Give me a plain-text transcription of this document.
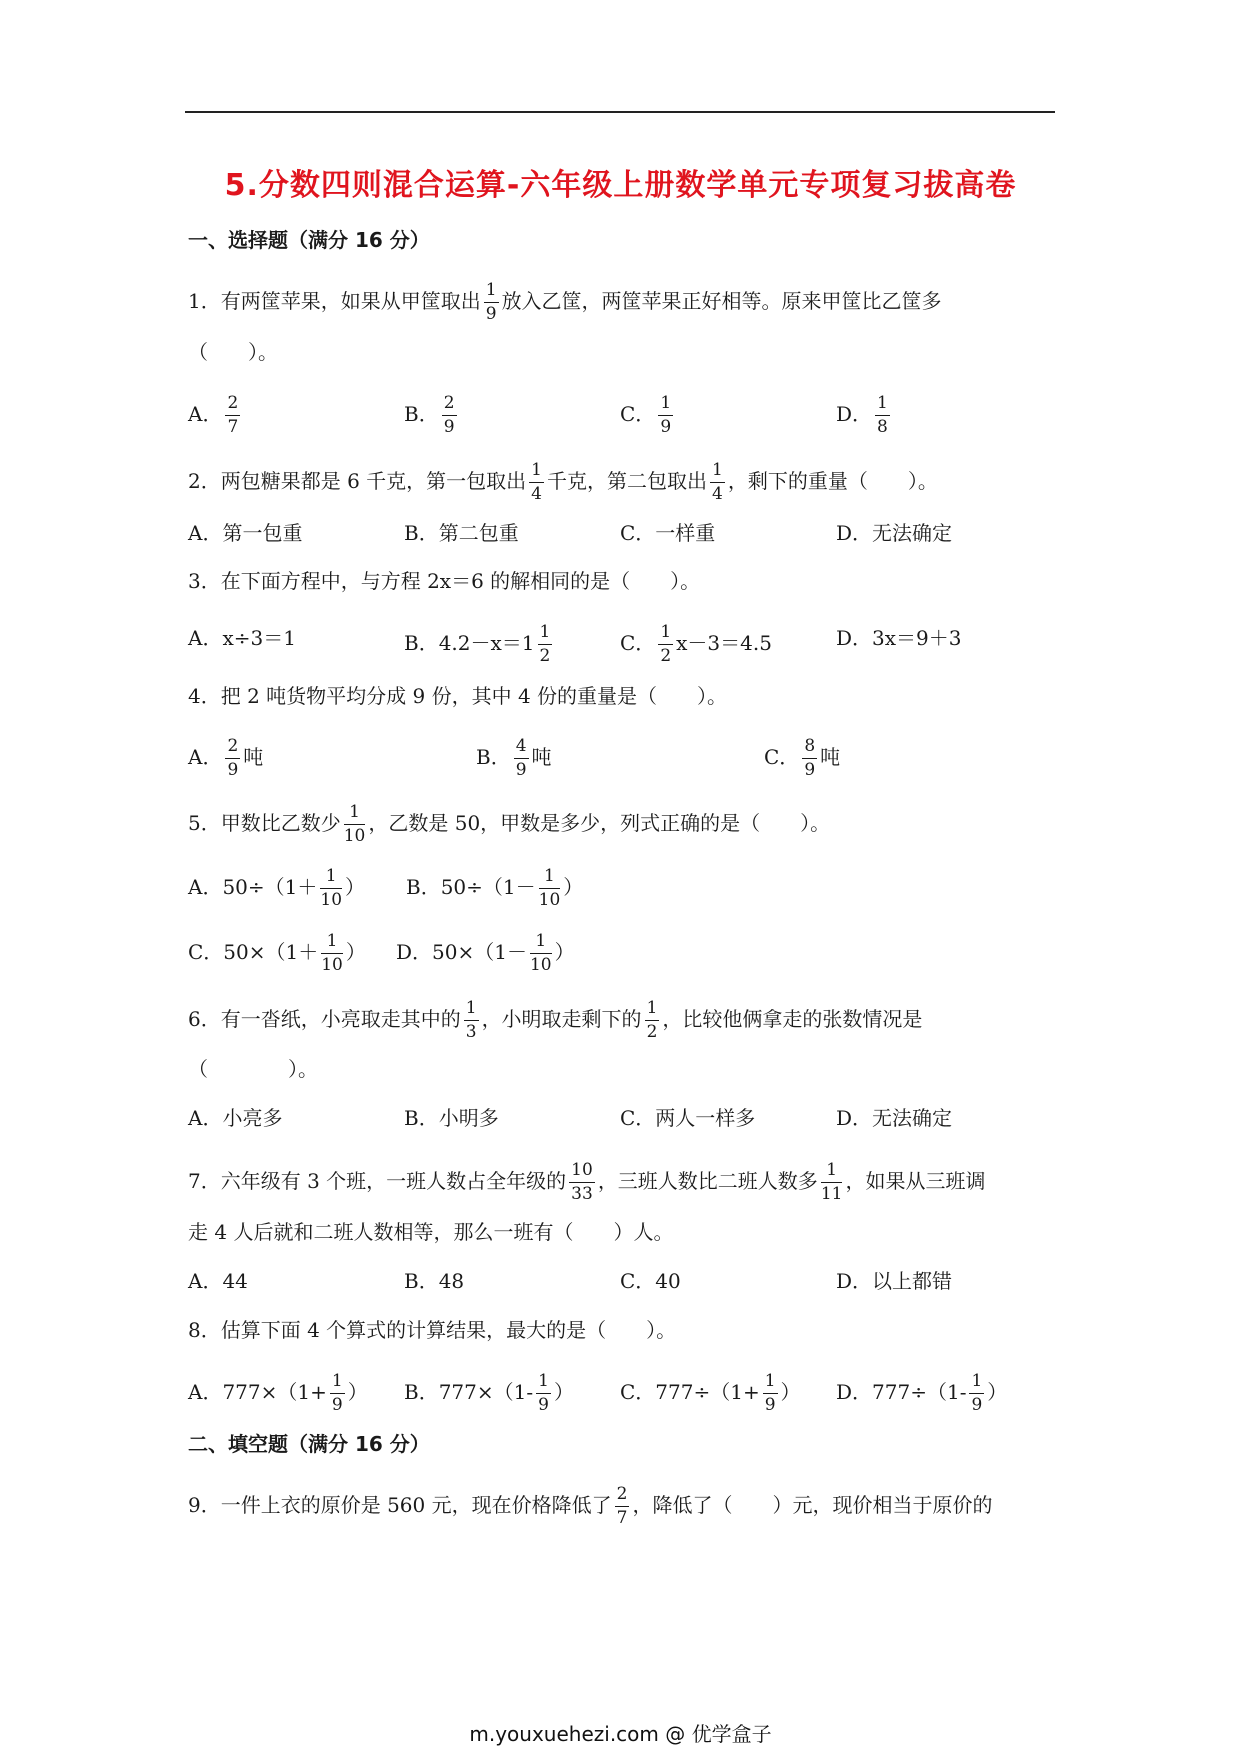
5.分数四则混合运算-六年级上册数学单元专项复习拔高卷
一、选择题（满分 16 分）
1．有两筐苹果，如果从甲筐取出 $\frac{1}{9}$ 放入乙筐，两筐苹果正好相等。原来甲筐比乙筐多
（　　）。
A． $\frac{2}{7}$	B． $\frac{2}{9}$	C． $\frac{1}{9}$	D． $\frac{1}{8}$
2．两包糖果都是 6 千克，第一包取出 $\frac{1}{4}$ 千克，第二包取出 $\frac{1}{4}$ ，剩下的重量（　　）。
A．第一包重	B．第二包重	C．一样重	D．无法确定
3．在下面方程中，与方程 2x＝6 的解相同的是（　　）。
A．x÷3＝1	B．$4.2-x=1 \frac{1}{2}$	C． $\frac{1}{2} x-3=4.5$	D．3x＝9＋3
4．把 2 吨货物平均分成 9 份，其中 4 份的重量是（　　）。
A． $\frac{2}{9}$ 吨	B． $\frac{4}{9}$ 吨	C． $\frac{8}{9}$ 吨
5．甲数比乙数少 $\frac{1}{10}$ ，乙数是 50，甲数是多少，列式正确的是（　　）。
A．$50\div(1+ \frac{1}{10}$ ） B．$50\div(1- \frac{1}{10}$ ）
C．$50\times(1+ \frac{1}{10}$ ） D．$50\times(1- \frac{1}{10}$ ）
6．有一沓纸，小亮取走其中的 $\frac{1}{3}$ ，小明取走剩下的 $\frac{1}{2}$ ，比较他俩拿走的张数情况是
（　　　　）。
A．小亮多	B．小明多	C．两人一样多	D．无法确定
7．六年级有 3 个班，一班人数占全年级的 $\frac{10}{33}$ ，三班人数比二班人数多 $\frac{1}{11}$ ，如果从三班调
走 4 人后就和二班人数相等，那么一班有（　　）人。
A．44	B．48	C．40	D．以上都错
8．估算下面 4 个算式的计算结果，最大的是（　　）。
A．$777\times(1+ \frac{1}{9}$ ） B．$777\times(1- \frac{1}{9}$ ） C．$777\div(1+ \frac{1}{9}$ ） D．$777\div(1- \frac{1}{9}$ ）
二、填空题（满分 16 分）
9．一件上衣的原价是 560 元，现在价格降低了 $\frac{2}{7}$ ，降低了（　　）元，现价相当于原价的
m.youxuehezi.com @ 优学盒子
